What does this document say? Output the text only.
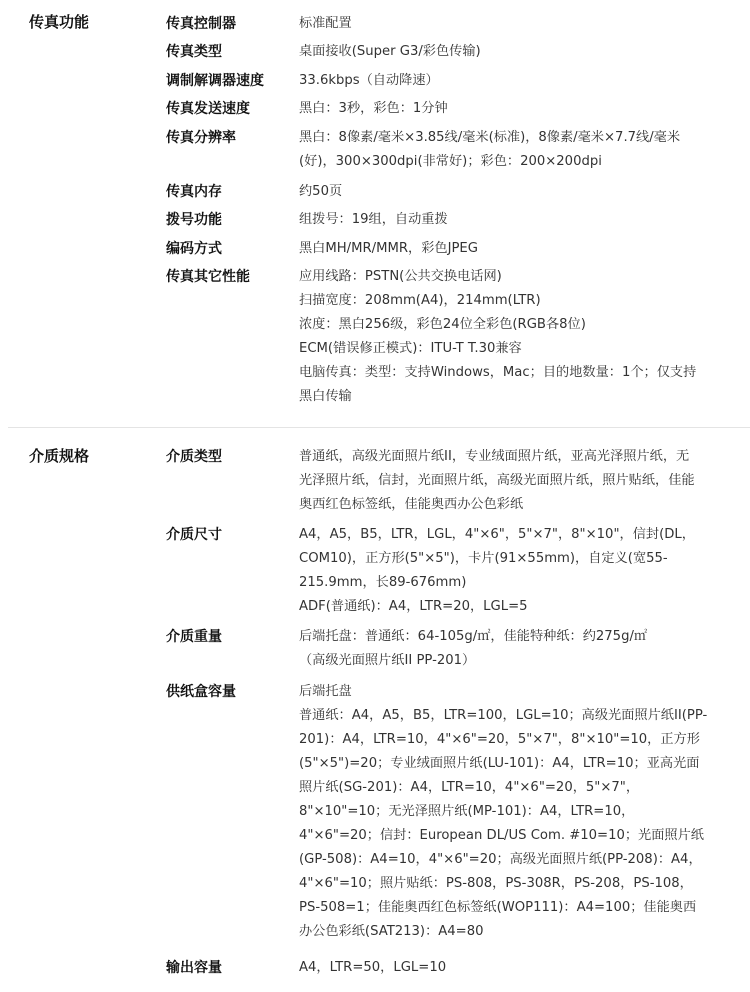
传真功能	传真控制器	标准配置
传真类型	桌面接收(Super G3/彩色传输)
调制解调器速度	33.6kbps（自动降速）
传真发送速度	黑白：3秒，彩色：1分钟
传真分辨率	黑白：8像素/毫米×3.85线/毫米(标准)，8像素/毫米×7.7线/毫米
(好)，300×300dpi(非常好)；彩色：200×200dpi
传真内存	约50页
拨号功能	组拨号：19组，自动重拨
编码方式	黑白MH/MR/MMR，彩色JPEG
传真其它性能	应用线路：PSTN(公共交换电话网)
扫描宽度：208mm(A4)，214mm(LTR)
浓度：黑白256级，彩色24位全彩色(RGB各8位)
ECM(错误修正模式)：ITU-T T.30兼容
电脑传真：类型：支持Windows，Mac；目的地数量：1个；仅支持
黑白传输
介质规格	介质类型	普通纸，高级光面照片纸II，专业绒面照片纸，亚高光泽照片纸，无
光泽照片纸，信封，光面照片纸，高级光面照片纸，照片贴纸，佳能
奥西红色标签纸，佳能奥西办公色彩纸
介质尺寸	A4，A5，B5，LTR，LGL，4"×6"，5"×7"，8"×10"，信封(DL，
COM10)，正方形(5"×5")，卡片(91×55mm)，自定义(宽55-
215.9mm，长89-676mm)
ADF(普通纸)：A4，LTR=20，LGL=5
介质重量	后端托盘：普通纸：64-105g/㎡，佳能特种纸：约275g/㎡
（高级光面照片纸II PP-201）
供纸盒容量	后端托盘
普通纸：A4，A5，B5，LTR=100，LGL=10；高级光面照片纸II(PP-
201)：A4，LTR=10，4"×6"=20，5"×7"，8"×10"=10，正方形
(5"×5")=20；专业绒面照片纸(LU-101)：A4，LTR=10；亚高光面
照片纸(SG-201)：A4，LTR=10，4"×6"=20，5"×7"，
8"×10"=10；无光泽照片纸(MP-101)：A4，LTR=10，
4"×6"=20；信封：European DL/US Com. #10=10；光面照片纸
(GP-508)：A4=10，4"×6"=20；高级光面照片纸(PP-208)：A4，
4"×6"=10；照片贴纸：PS-808，PS-308R，PS-208，PS-108，
PS-508=1；佳能奥西红色标签纸(WOP111)：A4=100；佳能奥西
办公色彩纸(SAT213)：A4=80
输出容量	A4，LTR=50，LGL=10
